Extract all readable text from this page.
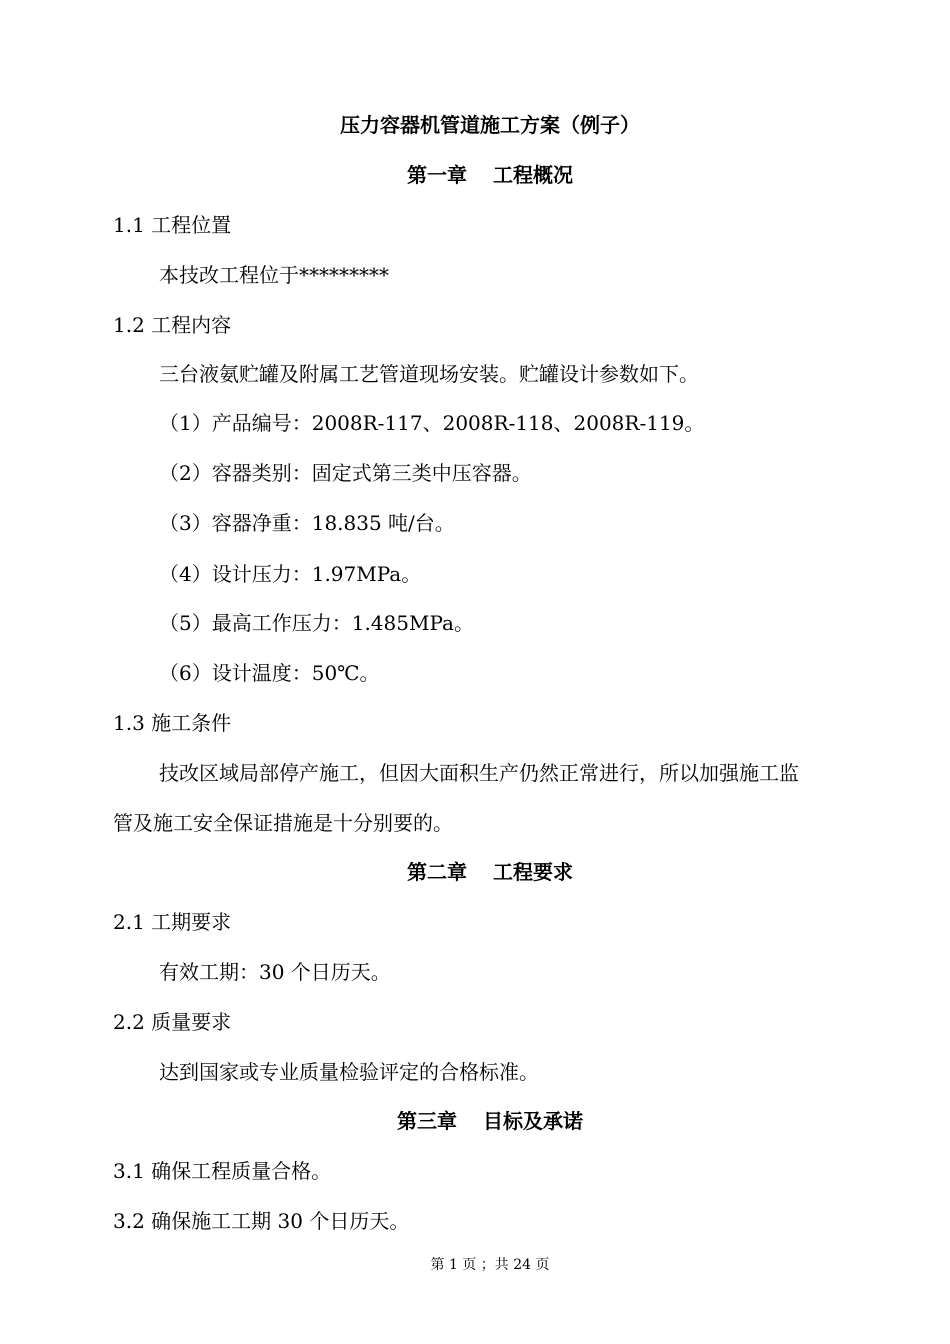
压力容器机管道施工方案（例子）
第一章 工程概况
1.1 工程位置
本技改工程位于*********
1.2 工程内容
三台液氨贮罐及附属工艺管道现场安装。贮罐设计参数如下。
（1）产品编号：2008R-117、2008R-118、2008R-119。
（2）容器类别：固定式第三类中压容器。
（3）容器净重：18.835 吨/台。
（4）设计压力：1.97MPa。
（5）最高工作压力：1.485MPa。
（6）设计温度：50℃。
1.3 施工条件
技改区域局部停产施工，但因大面积生产仍然正常进行，所以加强施工监
管及施工安全保证措施是十分别要的。
第二章 工程要求
2.1 工期要求
有效工期：30 个日历天。
2.2 质量要求
达到国家或专业质量检验评定的合格标准。
第三章 目标及承诺
3.1 确保工程质量合格。
3.2 确保施工工期 30 个日历天。
第 1 页 ；共 24 页
